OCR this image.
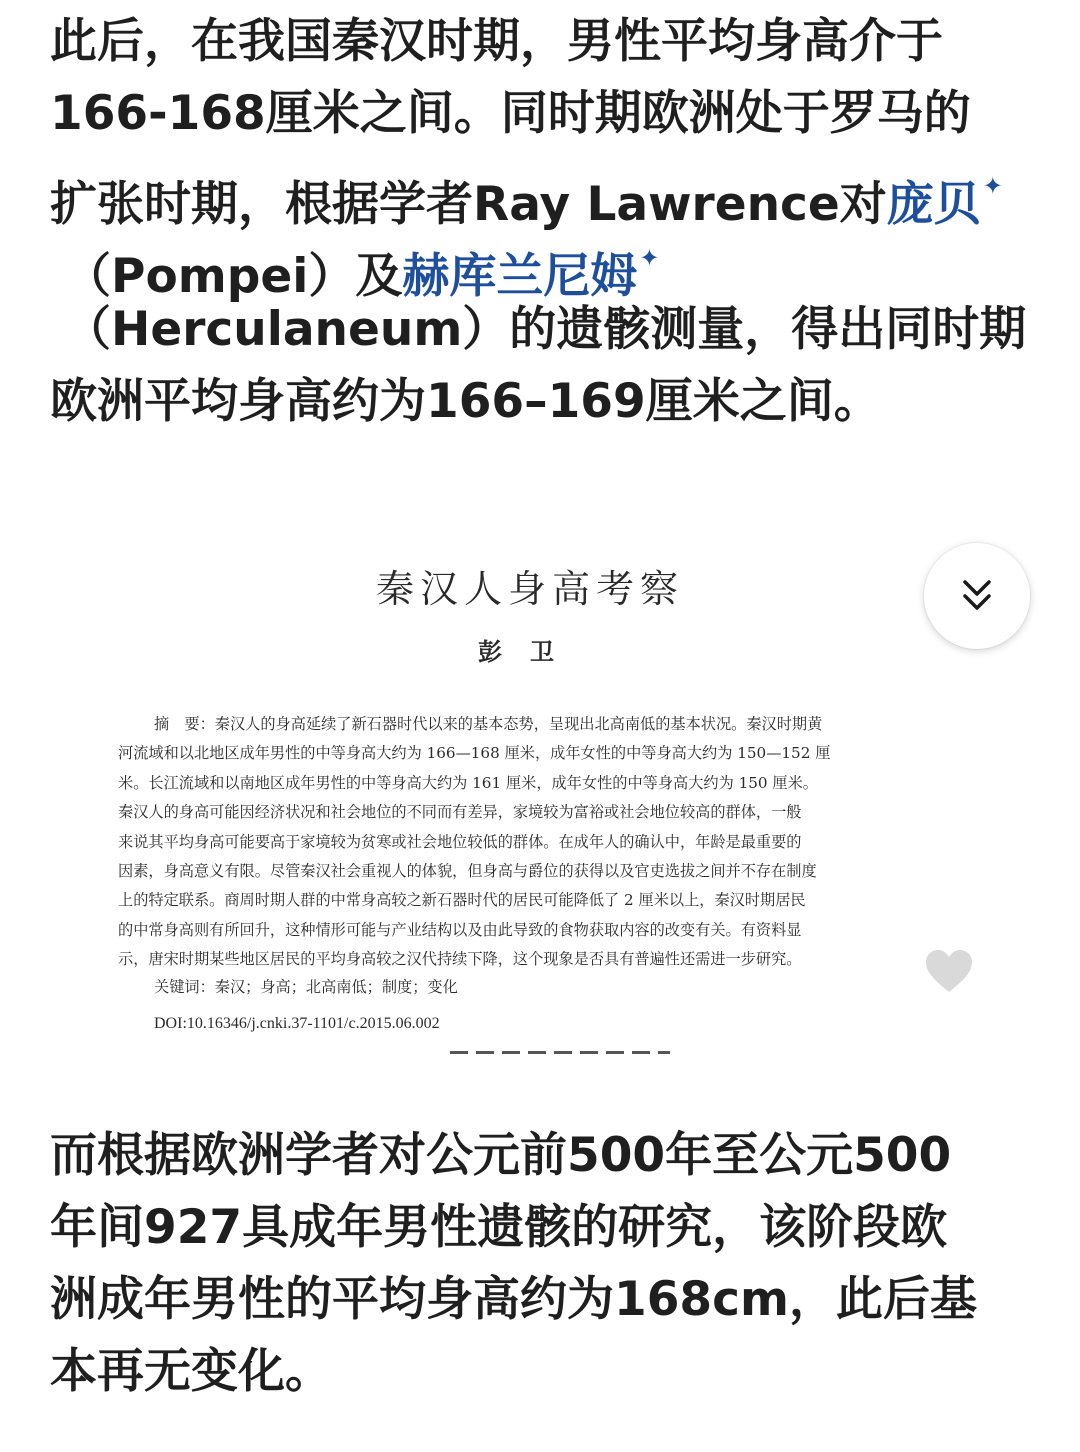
此后，在我国秦汉时期，男性平均身高介于
166-168厘米之间。同时期欧洲处于罗马的
扩张时期，根据学者Ray Lawrence对庞贝✦
（Pompei）及赫库兰尼姆✦
（Herculaneum）的遗骸测量，得出同时期
欧洲平均身高约为166–169厘米之间。
秦汉人身高考察
彭卫
摘　要：秦汉人的身高延续了新石器时代以来的基本态势，呈现出北高南低的基本状况。秦汉时期黄
河流域和以北地区成年男性的中等身高大约为 166—168 厘米，成年女性的中等身高大约为 150—152 厘
米。长江流域和以南地区成年男性的中等身高大约为 161 厘米，成年女性的中等身高大约为 150 厘米。
秦汉人的身高可能因经济状况和社会地位的不同而有差异，家境较为富裕或社会地位较高的群体，一般
来说其平均身高可能要高于家境较为贫寒或社会地位较低的群体。在成年人的确认中，年龄是最重要的
因素，身高意义有限。尽管秦汉社会重视人的体貌，但身高与爵位的获得以及官吏选拔之间并不存在制度
上的特定联系。商周时期人群的中常身高较之新石器时代的居民可能降低了 2 厘米以上，秦汉时期居民
的中常身高则有所回升，这种情形可能与产业结构以及由此导致的食物获取内容的改变有关。有资料显
示，唐宋时期某些地区居民的平均身高较之汉代持续下降，这个现象是否具有普遍性还需进一步研究。
关键词：秦汉；身高；北高南低；制度；变化
DOI:10.16346/j.cnki.37-1101/c.2015.06.002
而根据欧洲学者对公元前500年至公元500
年间927具成年男性遗骸的研究，该阶段欧
洲成年男性的平均身高约为168cm，此后基
本再无变化。
